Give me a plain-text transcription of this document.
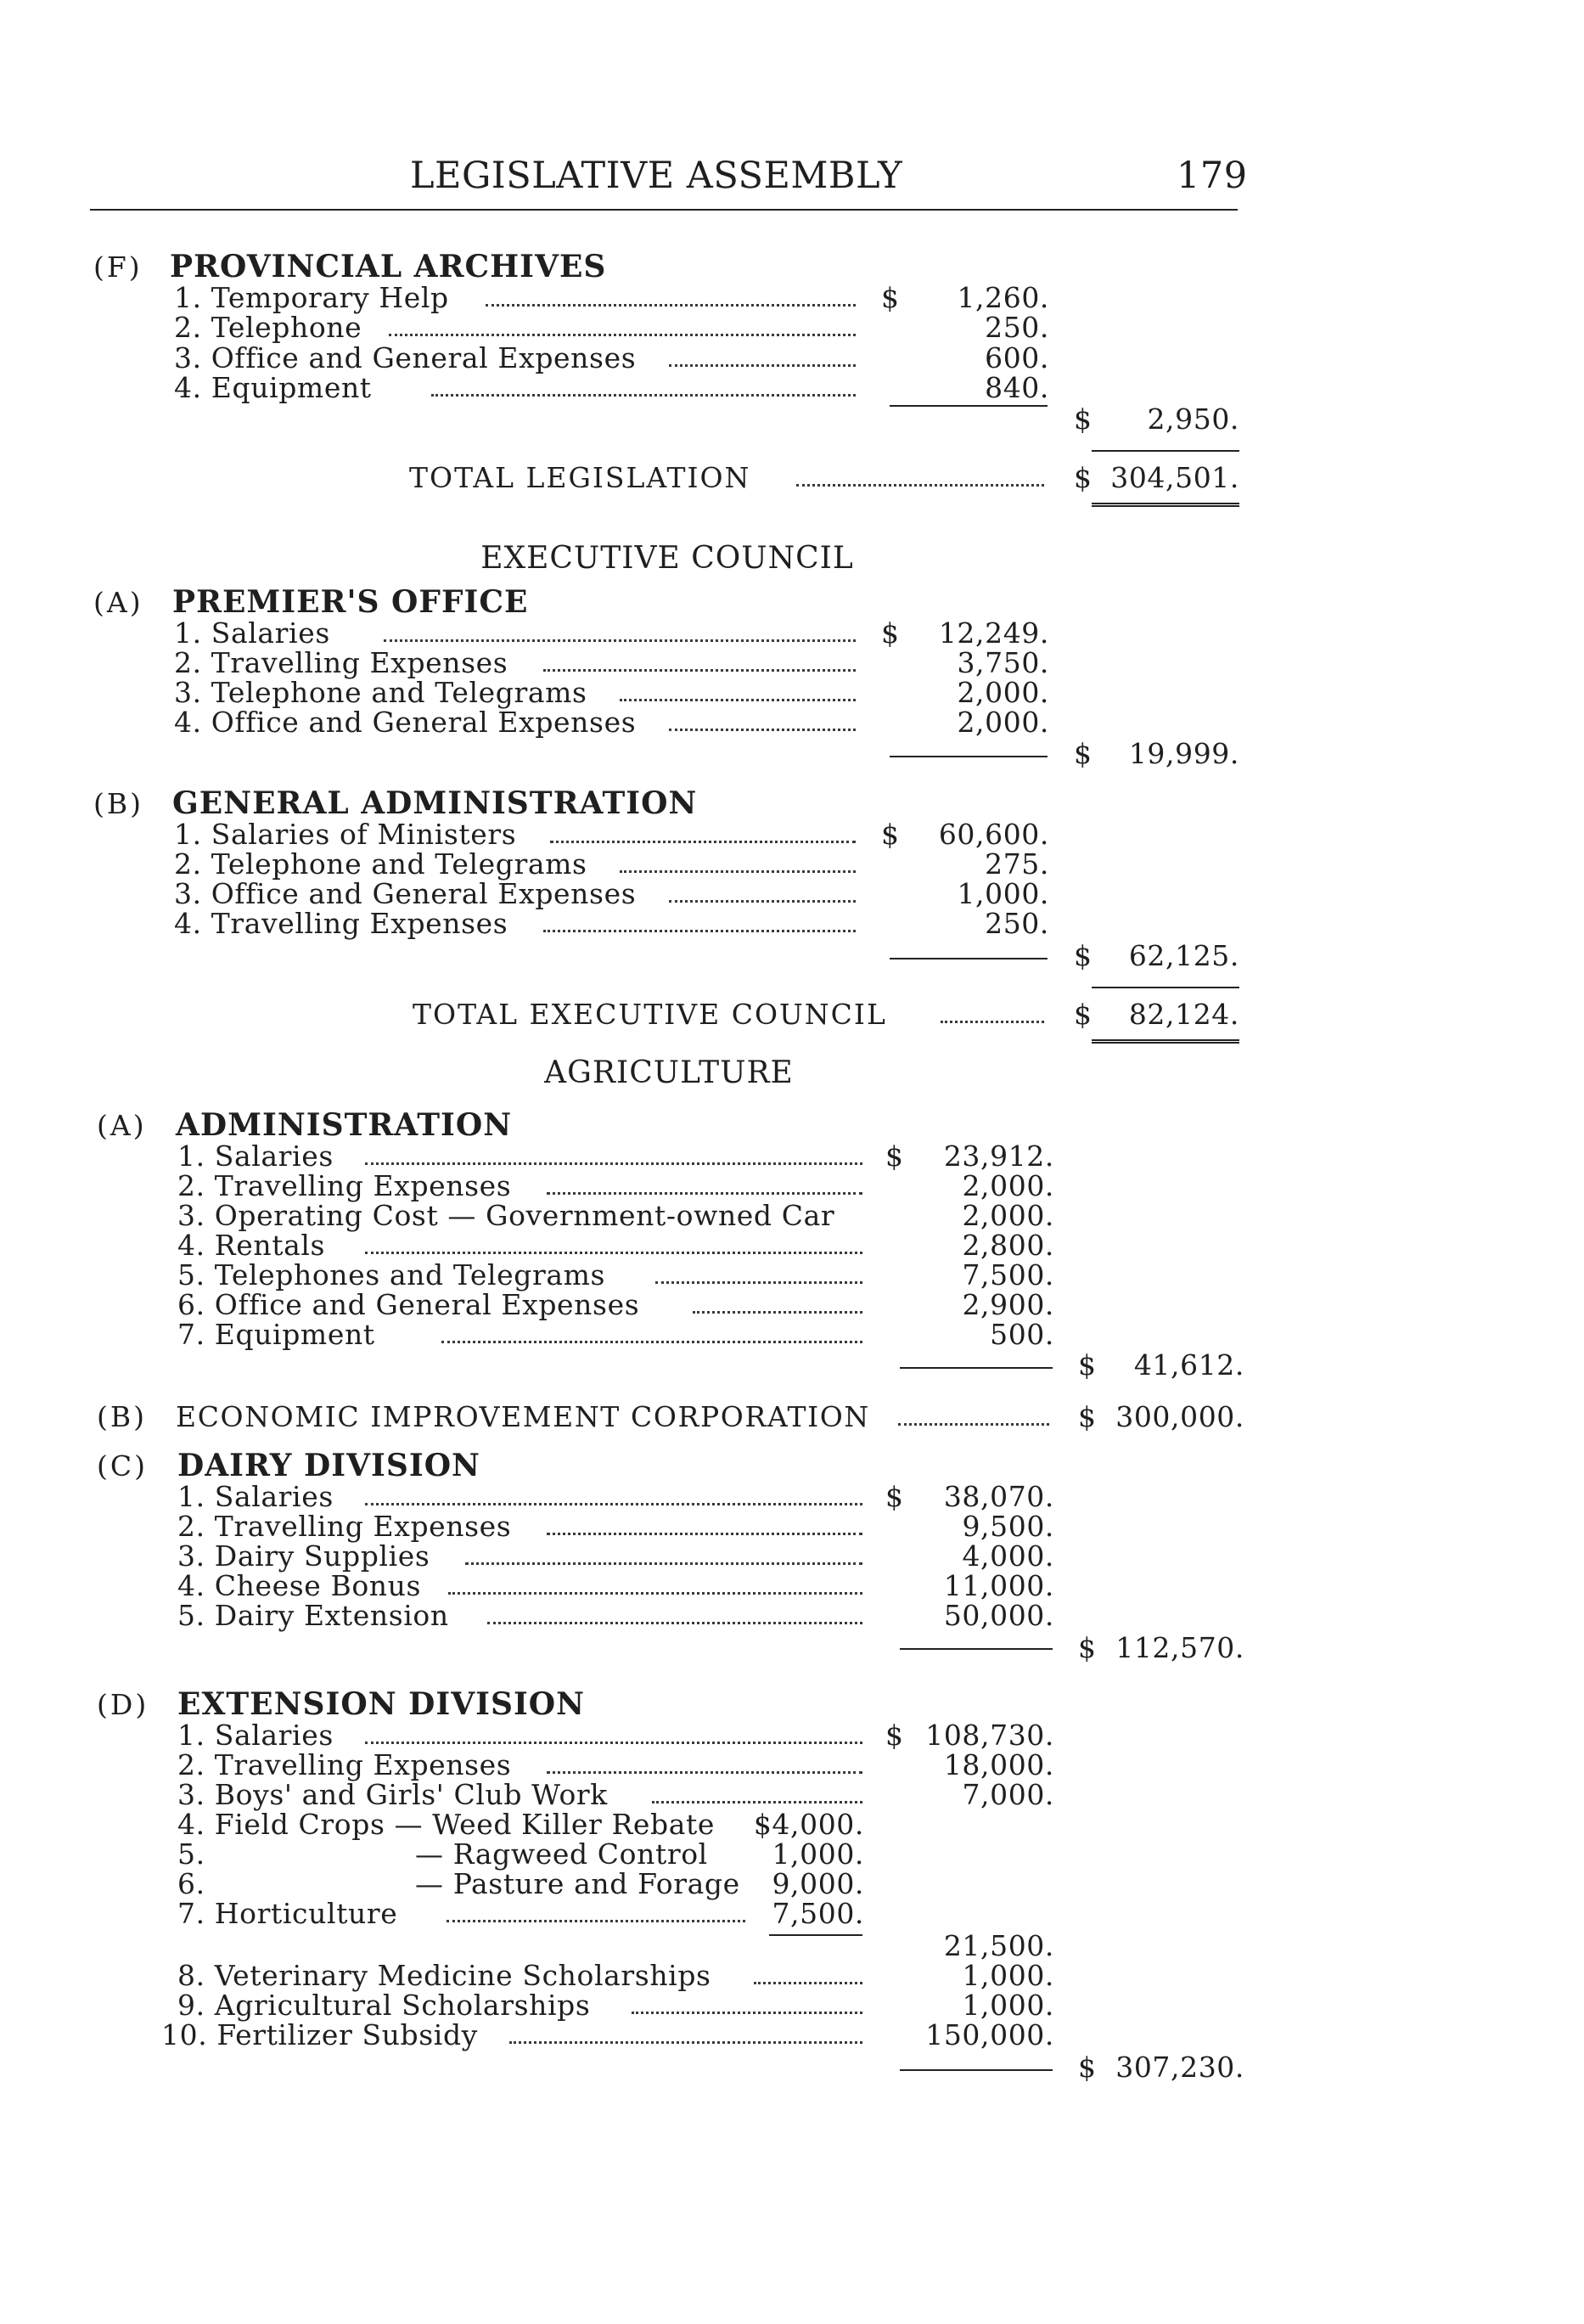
LEGISLATIVE ASSEMBLY	179
(F) PROVINCIAL ARCHIVES
1. Temporary Help	$ 1,260.
2. Telephone	250.
3. Office and General Expenses	600.
4. Equipment	840.
$ 2,950.
TOTAL LEGISLATION	$ 304,501.
EXECUTIVE COUNCIL
(A) PREMIER'S OFFICE
1. Salaries	$ 12,249.
2. Travelling Expenses	3,750.
3. Telephone and Telegrams	2,000.
4. Office and General Expenses	2,000.
$ 19,999.
(B) GENERAL ADMINISTRATION
1. Salaries of Ministers	$ 60,600.
2. Telephone and Telegrams	275.
3. Office and General Expenses	1,000.
4. Travelling Expenses	250.
$ 62,125.
TOTAL EXECUTIVE COUNCIL	$ 82,124.
AGRICULTURE
(A) ADMINISTRATION
1. Salaries	$ 23,912.
2. Travelling Expenses	2,000.
3. Operating Cost — Government-owned Car	2,000.
4. Rentals	2,800.
5. Telephones and Telegrams	7,500.
6. Office and General Expenses	2,900.
7. Equipment	500.
$ 41,612.
(B) ECONOMIC IMPROVEMENT CORPORATION	$ 300,000.
(C) DAIRY DIVISION
1. Salaries	$ 38,070.
2. Travelling Expenses	9,500.
3. Dairy Supplies	4,000.
4. Cheese Bonus	11,000.
5. Dairy Extension	50,000.
$ 112,570.
(D) EXTENSION DIVISION
1. Salaries	$ 108,730.
2. Travelling Expenses	18,000.
3. Boys' and Girls' Club Work	7,000.
4. Field Crops — Weed Killer Rebate $4,000.
5.	— Ragweed Control 1,000.
6.	— Pasture and Forage 9,000.
7. Horticulture	7,500.
21,500.
8. Veterinary Medicine Scholarships	1,000.
9. Agricultural Scholarships	1,000.
10. Fertilizer Subsidy	150,000.
$ 307,230.
